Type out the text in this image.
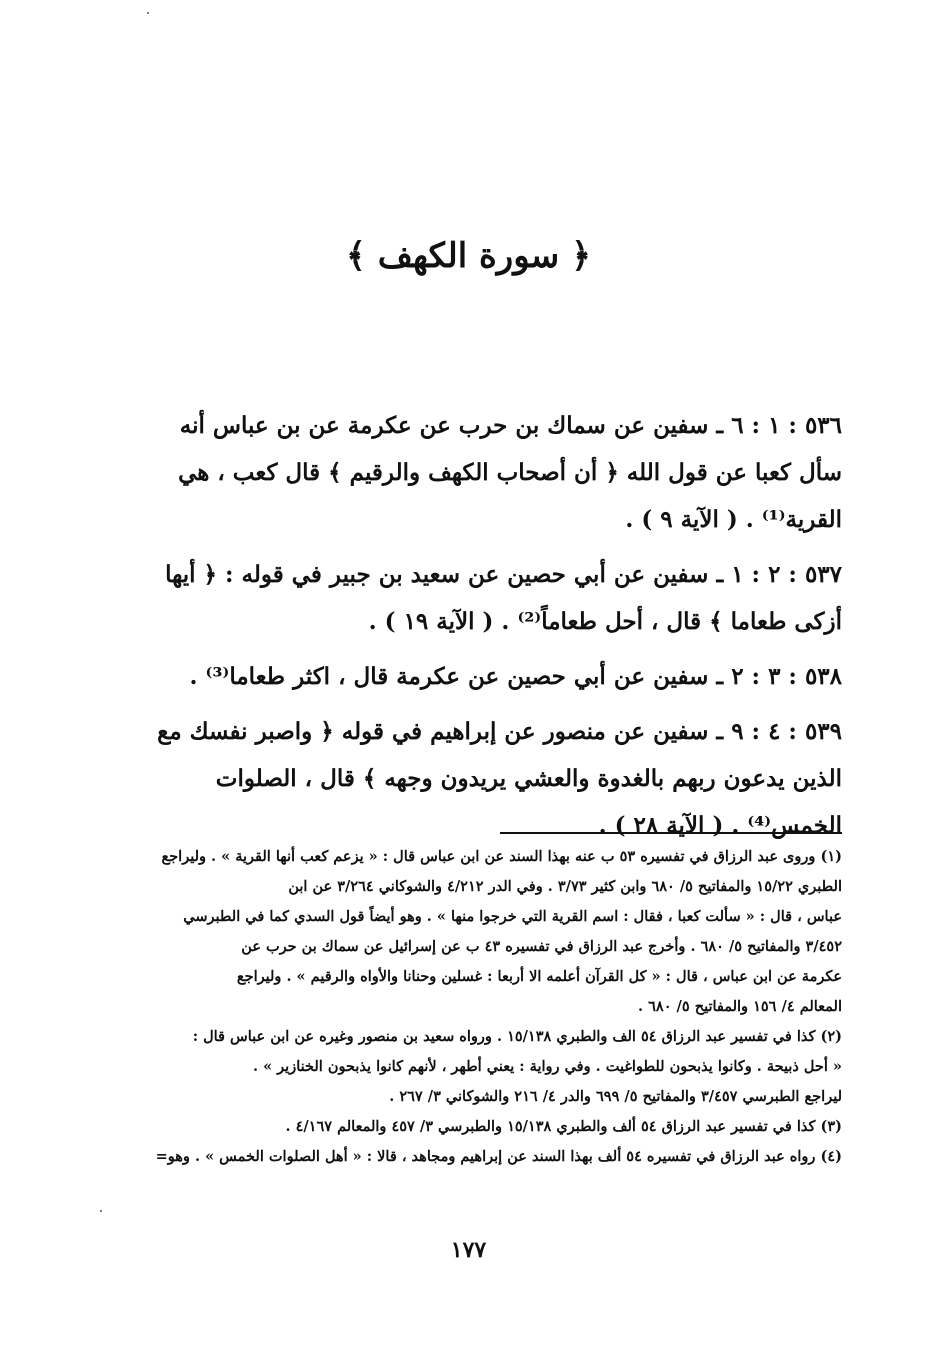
﴿ سورة الكهف ﴾
٥٣٦ : ١ : ٦ ـ سفين عن سماك بن حرب عن عكرمة عن بن عباس أنه
سأل كعبا عن قول الله ﴿ أن أصحاب الكهف والرقيم ﴾ قال كعب ، هي
القرية⁽¹⁾ . ( الآية ٩ ) .
٥٣٧ : ٢ : ١ ـ سفين عن أبي حصين عن سعيد بن جبير في قوله : ﴿ أيها
أزكى طعاما ﴾ قال ، أحل طعاماً⁽²⁾ . ( الآية ١٩ ) .
٥٣٨ : ٣ : ٢ ـ سفين عن أبي حصين عن عكرمة قال ، اكثر طعاما⁽³⁾ .
٥٣٩ : ٤ : ٩ ـ سفين عن منصور عن إبراهيم في قوله ﴿ واصبر نفسك مع
الذين يدعون ربهم بالغدوة والعشي يريدون وجهه ﴾ قال ، الصلوات
الخمس⁽⁴⁾ . ( الآية ٢٨ ) .
(١) وروى عبد الرزاق في تفسيره ٥٣ ب عنه بهذا السند عن ابن عباس قال : « يزعم كعب أنها القرية » . وليراجع
الطبري ١٥/٢٢ والمفاتيح ٥/ ٦٨٠ وابن كثير ٣/٧٣ . وفي الدر ٤/٢١٢ والشوكاني ٣/٢٦٤ عن ابن
عباس ، قال : « سألت كعبا ، فقال : اسم القرية التي خرجوا منها » . وهو أيضاً قول السدي كما في الطبرسي
٣/٤٥٢ والمفاتيح ٥/ ٦٨٠ . وأخرج عبد الرزاق في تفسيره ٤٣ ب عن إسرائيل عن سماك بن حرب عن
عكرمة عن ابن عباس ، قال : « كل القرآن أعلمه الا أربعا : غسلين وحنانا والأواه والرقيم » . وليراجع
المعالم ٤/ ١٥٦ والمفاتيح ٥/ ٦٨٠ .
(٢) كذا في تفسير عبد الرزاق ٥٤ الف والطبري ١٥/١٣٨ . ورواه سعيد بن منصور وغيره عن ابن عباس قال :
« أحل ذبيحة . وكانوا يذبحون للطواغيت . وفي رواية : يعني أطهر ، لأنهم كانوا يذبحون الخنازير » .
ليراجع الطبرسي ٣/٤٥٧ والمفاتيح ٥/ ٦٩٩ والدر ٤/ ٢١٦ والشوكاني ٣/ ٢٦٧ .
(٣) كذا في تفسير عبد الرزاق ٥٤ ألف والطبري ١٥/١٣٨ والطبرسي ٣/ ٤٥٧ والمعالم ٤/١٦٧ .
(٤) رواه عبد الرزاق في تفسيره ٥٤ ألف بهذا السند عن إبراهيم ومجاهد ، قالا : « أهل الصلوات الخمس » . وهو=
١٧٧
